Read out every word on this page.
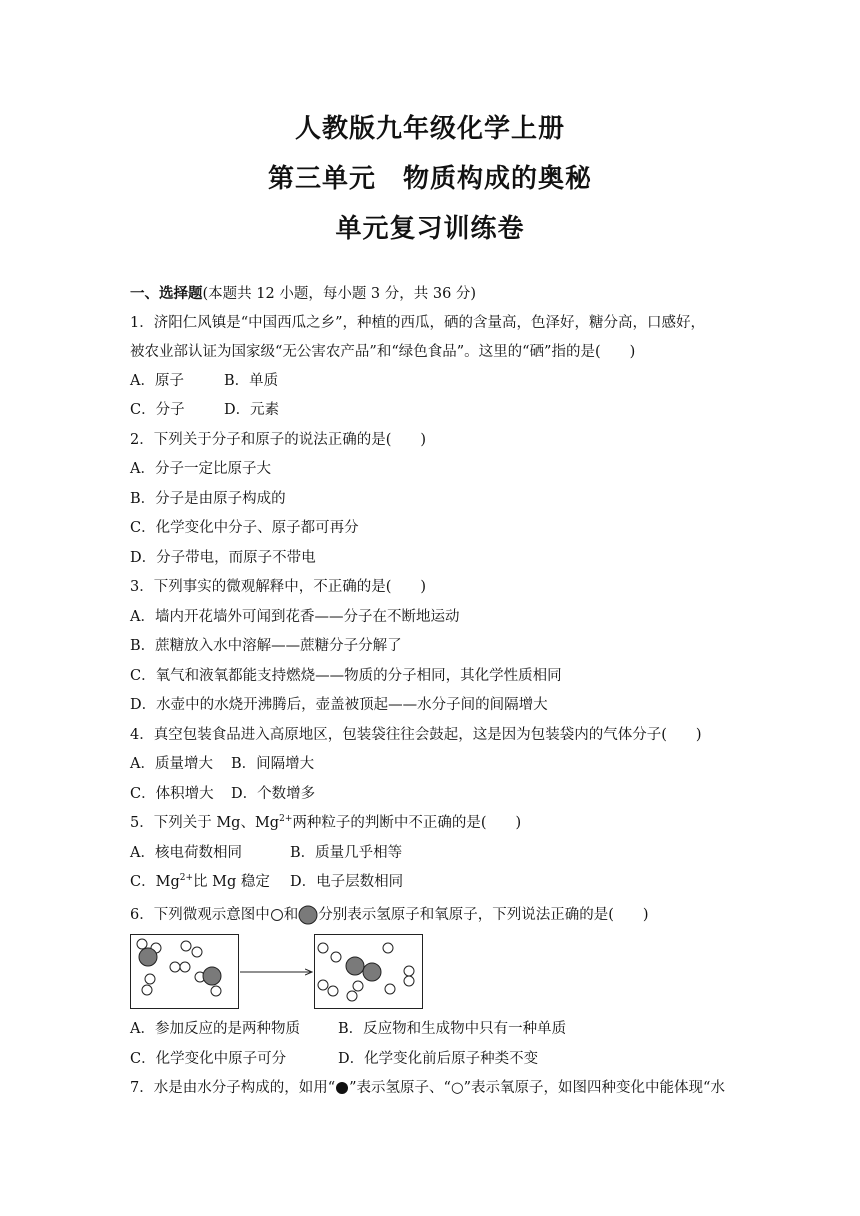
人教版九年级化学上册
第三单元　物质构成的奥秘
单元复习训练卷
一、选择题(本题共 12 小题，每小题 3 分，共 36 分)
1．济阳仁风镇是“中国西瓜之乡”，种植的西瓜，硒的含量高，色泽好，糖分高，口感好，
被农业部认证为国家级“无公害农产品”和“绿色食品”。这里的“硒”指的是(　　)
A．原子	B．单质
C．分子	D．元素
2．下列关于分子和原子的说法正确的是(　　)
A．分子一定比原子大
B．分子是由原子构成的
C．化学变化中分子、原子都可再分
D．分子带电，而原子不带电
3．下列事实的微观解释中，不正确的是(　　)
A．墙内开花墙外可闻到花香——分子在不断地运动
B．蔗糖放入水中溶解——蔗糖分子分解了
C．氧气和液氧都能支持燃烧——物质的分子相同，其化学性质相同
D．水壶中的水烧开沸腾后，壶盖被顶起——水分子间的间隔增大
4．真空包装食品进入高原地区，包装袋往往会鼓起，这是因为包装袋内的气体分子(　　)
A．质量增大 B．间隔增大
C．体积增大 D．个数增多
5．下列关于 Mg、$Mg^{2+}$两种粒子的判断中不正确的是(　　)
A．核电荷数相同	B．质量几乎相等
C．$Mg^{2+}$比 Mg 稳定 D．电子层数相同
6．下列微观示意图中 和 分别表示氢原子和氧原子，下列说法正确的是(　　)
A．参加反应的是两种物质	B．反应物和生成物中只有一种单质
C．化学变化中原子可分	D．化学变化前后原子种类不变
7．水是由水分子构成的，如用“ ”表示氢原子、“○”表示氧原子，如图四种变化中能体现“水
